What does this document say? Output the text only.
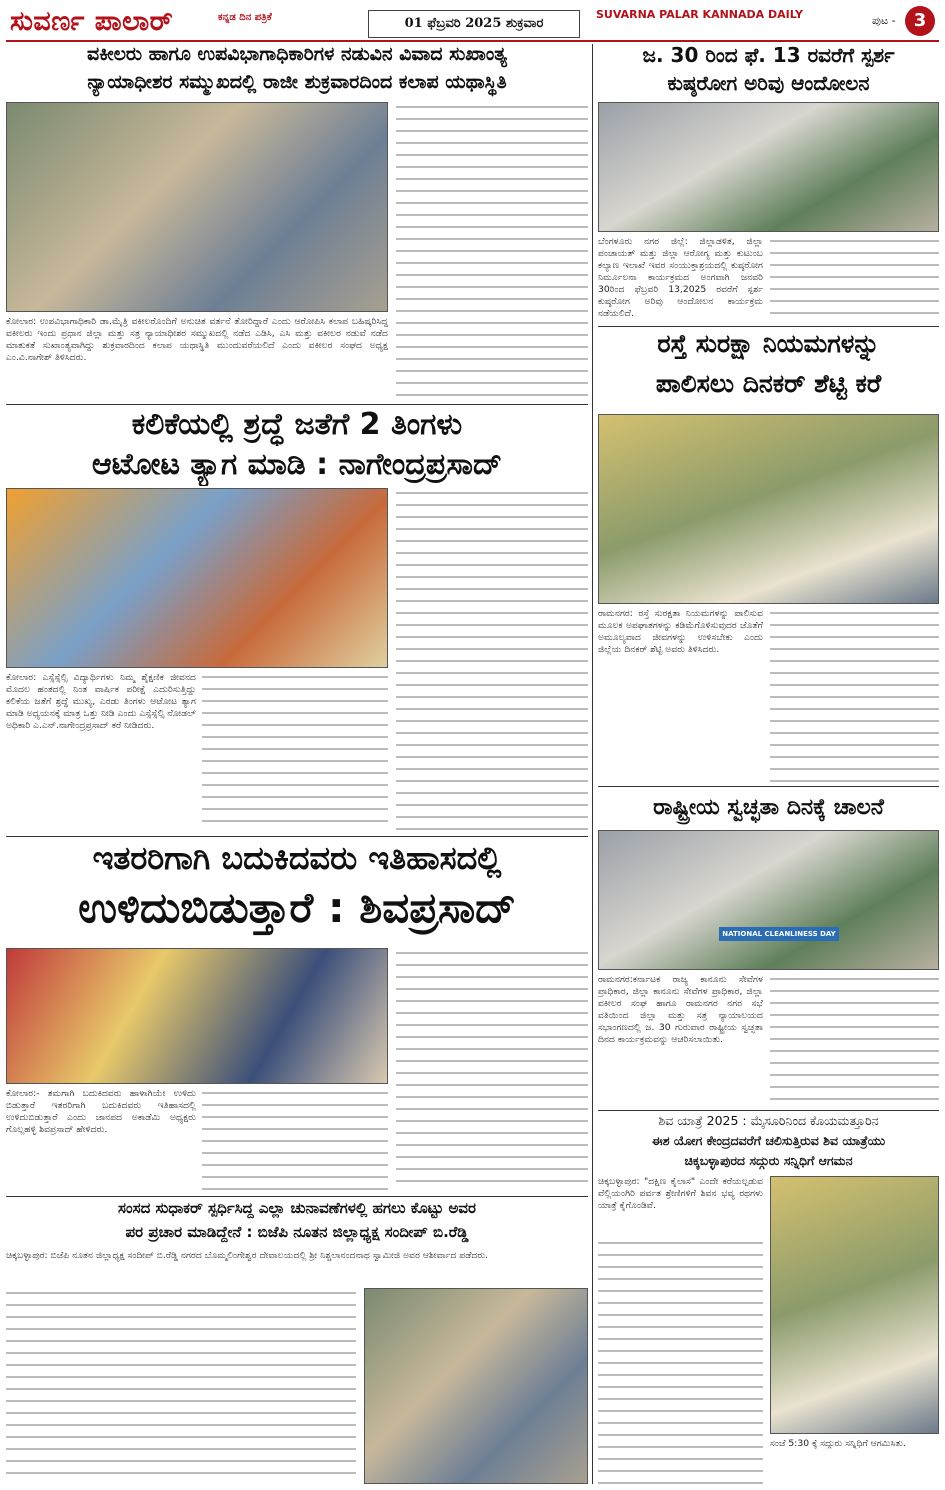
ಸುವರ್ಣ ಪಾಲಾರ್	ಕನ್ನಡ ದಿನ ಪತ್ರಿಕೆ	01 ಫೆಬ್ರವರಿ 2025 ಶುಕ್ರವಾರ
SUVARNA PALAR KANNADA DAILY	ಪುಟ -	3
ವಕೀಲರು ಹಾಗೂ ಉಪವಿಭಾಗಾಧಿಕಾರಿಗಳ ನಡುವಿನ ವಿವಾದ ಸುಖಾಂತ್ಯ
ನ್ಯಾಯಾಧೀಶರ ಸಮ್ಮುಖದಲ್ಲಿ ರಾಜೀ ಶುಕ್ರವಾರದಿಂದ ಕಲಾಪ ಯಥಾಸ್ಥಿತಿ
ಕೋಲಾರ: ಉಪವಿಭಾಗಾಧಿಕಾರಿ ಡಾ.ಮೈತ್ರಿ ವಕೀಲರೊಂದಿಗೆ ಅನುಚಿತ ವರ್ತನೆ ತೋರಿದ್ದಾರೆ ಎಂದು ಆರೋಪಿಸಿ ಕಲಾಪ ಬಹಿಷ್ಕರಿಸಿದ್ದ ವಕೀಲರು ಇಂದು ಪ್ರಧಾನ ಜಿಲ್ಲಾ ಮತ್ತು ಸತ್ರ ನ್ಯಾಯಾಧೀಶರ ಸಮ್ಮುಖದಲ್ಲಿ ನಡೆದ ಎಡಿಸಿ, ಎಸಿ ಮತ್ತು ವಕೀಲರ ನಡುವೆ ನಡೆದ ಮಾತುಕತೆ ಸುಖಾಂತ್ಯವಾಗಿದ್ದು ಶುಕ್ರವಾರದಿಂದ ಕಲಾಪ ಯಥಾಸ್ಥಿತಿ ಮುಂದುವರೆಯಲಿದೆ ಎಂದು ವಕೀಲರ ಸಂಘದ ಅಧ್ಯಕ್ಷ ಎಂ.ವಿ.ನಾಗೇಶ್ ತಿಳಿಸಿದರು.
ಜ. 30 ರಿಂದ ಫೆ. 13 ರವರೆಗೆ ಸ್ಪರ್ಶ
ಕುಷ್ಠರೋಗ ಅರಿವು ಆಂದೋಲನ
ಬೆಂಗಳೂರು ನಗರ ಜಿಲ್ಲೆ: ಜಿಲ್ಲಾಡಳಿತ, ಜಿಲ್ಲಾ ಪಂಚಾಯತ್ ಮತ್ತು ಜಿಲ್ಲಾ ಆರೋಗ್ಯ ಮತ್ತು ಕುಟುಂಬ ಕಲ್ಯಾಣ ಇಲಾಖೆ ಇವರ ಸಂಯುಕ್ತಾಶ್ರಯದಲ್ಲಿ ಕುಷ್ಠರೋಗ ನಿರ್ಮೂಲನಾ ಕಾರ್ಯಕ್ರಮದ ಅಂಗವಾಗಿ ಜನವರಿ 30ರಿಂದ ಫೆಬ್ರವರಿ 13,2025 ರವರೆಗೆ ಸ್ಪರ್ಶ ಕುಷ್ಠರೋಗ ಅರಿವು ಆಂದೋಲನ ಕಾರ್ಯಕ್ರಮ ನಡೆಯಲಿದೆ.
ರಸ್ತೆ ಸುರಕ್ಷಾ ನಿಯಮಗಳನ್ನು
ಪಾಲಿಸಲು ದಿನಕರ್ ಶೆಟ್ಟಿ ಕರೆ
ರಾಮನಗರ: ರಸ್ತೆ ಸುರಕ್ಷತಾ ನಿಯಮಗಳನ್ನು ಪಾಲಿಸುವ ಮೂಲಕ ಅಪಘಾತಗಳನ್ನು ಕಡಿಮೆಗೊಳಿಸುವುದರ ಜೊತೆಗೆ ಅಮೂಲ್ಯವಾದ ಜೀವಗಳನ್ನು ಉಳಿಸಬೇಕು ಎಂದು ಜಿಲ್ಲೆಯ ದಿನಕರ್ ಶೆಟ್ಟಿ ಅವರು ತಿಳಿಸಿದರು.
ಕಲಿಕೆಯಲ್ಲಿ ಶ್ರದ್ಧೆ ಜತೆಗೆ 2 ತಿಂಗಳು
ಆಟೋಟ ತ್ಯಾಗ ಮಾಡಿ : ನಾಗೇಂದ್ರಪ್ರಸಾದ್
ಕೋಲಾರ: ಎಸ್ಸೆಸ್ಸೆಲ್ಸಿ ವಿದ್ಯಾರ್ಥಿಗಳು ನಿಮ್ಮ ಶೈಕ್ಷಣಿಕ ಜೀವನದ ಮೊದಲ ಹಂತದಲ್ಲಿ ನಿಂತ ವಾರ್ಷಿಕ ಪರೀಕ್ಷೆ ಎದುರಿಸುತ್ತಿದ್ದು ಕಲಿಕೆಯ ಜತೆಗೆ ಶ್ರದ್ಧೆ ಮುಖ್ಯ, ಎರಡು ತಿಂಗಳು ಆಟೋಟ ತ್ಯಾಗ ಮಾಡಿ ಅಧ್ಯಯನಕ್ಕೆ ಮಾತ್ರ ಒತ್ತು ನೀಡಿ ಎಂದು ಎಸ್ಸೆಸ್ಸೆಲ್ಸಿ ನೋಡಲ್ ಅಧಿಕಾರಿ ಎ.ಎನ್.ನಾಗೇಂದ್ರಪ್ರಸಾದ್ ಕರೆ ನೀಡಿದರು.
ರಾಷ್ಟ್ರೀಯ ಸ್ವಚ್ಛತಾ ದಿನಕ್ಕೆ ಚಾಲನೆ
NATIONAL CLEANLINESS DAY
ರಾಮನಗರ:ಕರ್ನಾಟಕ ರಾಜ್ಯ ಕಾನೂನು ಸೇವೆಗಳ ಪ್ರಾಧಿಕಾರ, ಜಿಲ್ಲಾ ಕಾನೂನು ಸೇವೆಗಳ ಪ್ರಾಧಿಕಾರ, ಜಿಲ್ಲಾ ವಕೀಲರ ಸಂಘ ಹಾಗೂ ರಾಮನಗರ ನಗರ ಸಭೆ ವತಿಯಿಂದ ಜಿಲ್ಲಾ ಮತ್ತು ಸತ್ರ ನ್ಯಾಯಾಲಯದ ಸಭಾಂಗಣದಲ್ಲಿ ಜ. 30 ಗುರುವಾರ ರಾಷ್ಟ್ರೀಯ ಸ್ವಚ್ಛತಾ ದಿನದ ಕಾರ್ಯಕ್ರಮವನ್ನು ಆಚರಿಸಲಾಯಿತು.
ಇತರರಿಗಾಗಿ ಬದುಕಿದವರು ಇತಿಹಾಸದಲ್ಲಿ
ಉಳಿದುಬಿಡುತ್ತಾರೆ : ಶಿವಪ್ರಸಾದ್
ಕೋಲಾರ:- ತಮಗಾಗಿ ಬದುಕಿದವರು ಹಾಳಾಗಿಯೇ ಉಳಿದು ಬಿಡುತ್ತಾರೆ ಇತರರಿಗಾಗಿ ಬದುಕಿದವರು ಇತಿಹಾಸದಲ್ಲಿ ಉಳಿದುಬಿಡುತ್ತಾರೆ ಎಂದು ಜಾನಪದ ಅಕಾಡೆಮಿ ಅಧ್ಯಕ್ಷರು ಗೊಲ್ಲಹಳ್ಳಿ ಶಿವಪ್ರಸಾದ್ ಹೇಳಿದರು.
ಶಿವ ಯಾತ್ರೆ 2025 : ಮೈಸೂರಿನಿಂದ ಕೊಯಮತ್ತೂರಿನ
ಈಶ ಯೋಗ ಕೇಂದ್ರದವರೆಗೆ ಚಲಿಸುತ್ತಿರುವ ಶಿವ ಯಾತ್ರೆಯು
ಚಿಕ್ಕಬಳ್ಳಾಪುರದ ಸದ್ಗುರು ಸನ್ನಿಧಿಗೆ ಆಗಮನ
ಚಿಕ್ಕಬಳ್ಳಾಪುರ: "ದಕ್ಷಿಣ ಕೈಲಾಸ" ಎಂದೇ ಕರೆಯಲ್ಪಡುವ ವೆಲ್ಲಿಯಂಗಿರಿ ಪರ್ವತ ಶ್ರೇಣಿಗಳಿಗೆ ಶಿವನ ಭವ್ಯ ರಥಗಳು ಯಾತ್ರೆ ಕೈಗೊಂಡಿವೆ.
ಸಂಜೆ 5:30 ಕ್ಕೆ ಸದ್ಗುರು ಸನ್ನಿಧಿಗೆ ಆಗಮಿಸಿತು.
ಸಂಸದ ಸುಧಾಕರ್ ಸ್ಪರ್ಧಿಸಿದ್ದ ಎಲ್ಲಾ ಚುನಾವಣೆಗಳಲ್ಲಿ ಹಗಲು ಕೊಟ್ಟು ಅವರ
ಪರ ಪ್ರಚಾರ ಮಾಡಿದ್ದೇನೆ : ಬಿಜೆಪಿ ನೂತನ ಜಿಲ್ಲಾಧ್ಯಕ್ಷ ಸಂದೀಪ್ ಬಿ.ರೆಡ್ಡಿ
ಚಿಕ್ಕಬಳ್ಳಾಪುರ: ಬಿಜೆಪಿ ನೂತನ ಜಿಲ್ಲಾಧ್ಯಕ್ಷ ಸಂದೀಪ್ ಬಿ.ರೆಡ್ಡಿ ನಗರದ ಬೊಮ್ಮಲಿಂಗೇಶ್ವರ ದೇವಾಲಯದಲ್ಲಿ ಶ್ರೀ ನಿಶ್ಚಲಾನಂದನಾಥ ಸ್ವಾಮೀಜಿ ಅವರ ಆಶೀರ್ವಾದ ಪಡೆದರು.
